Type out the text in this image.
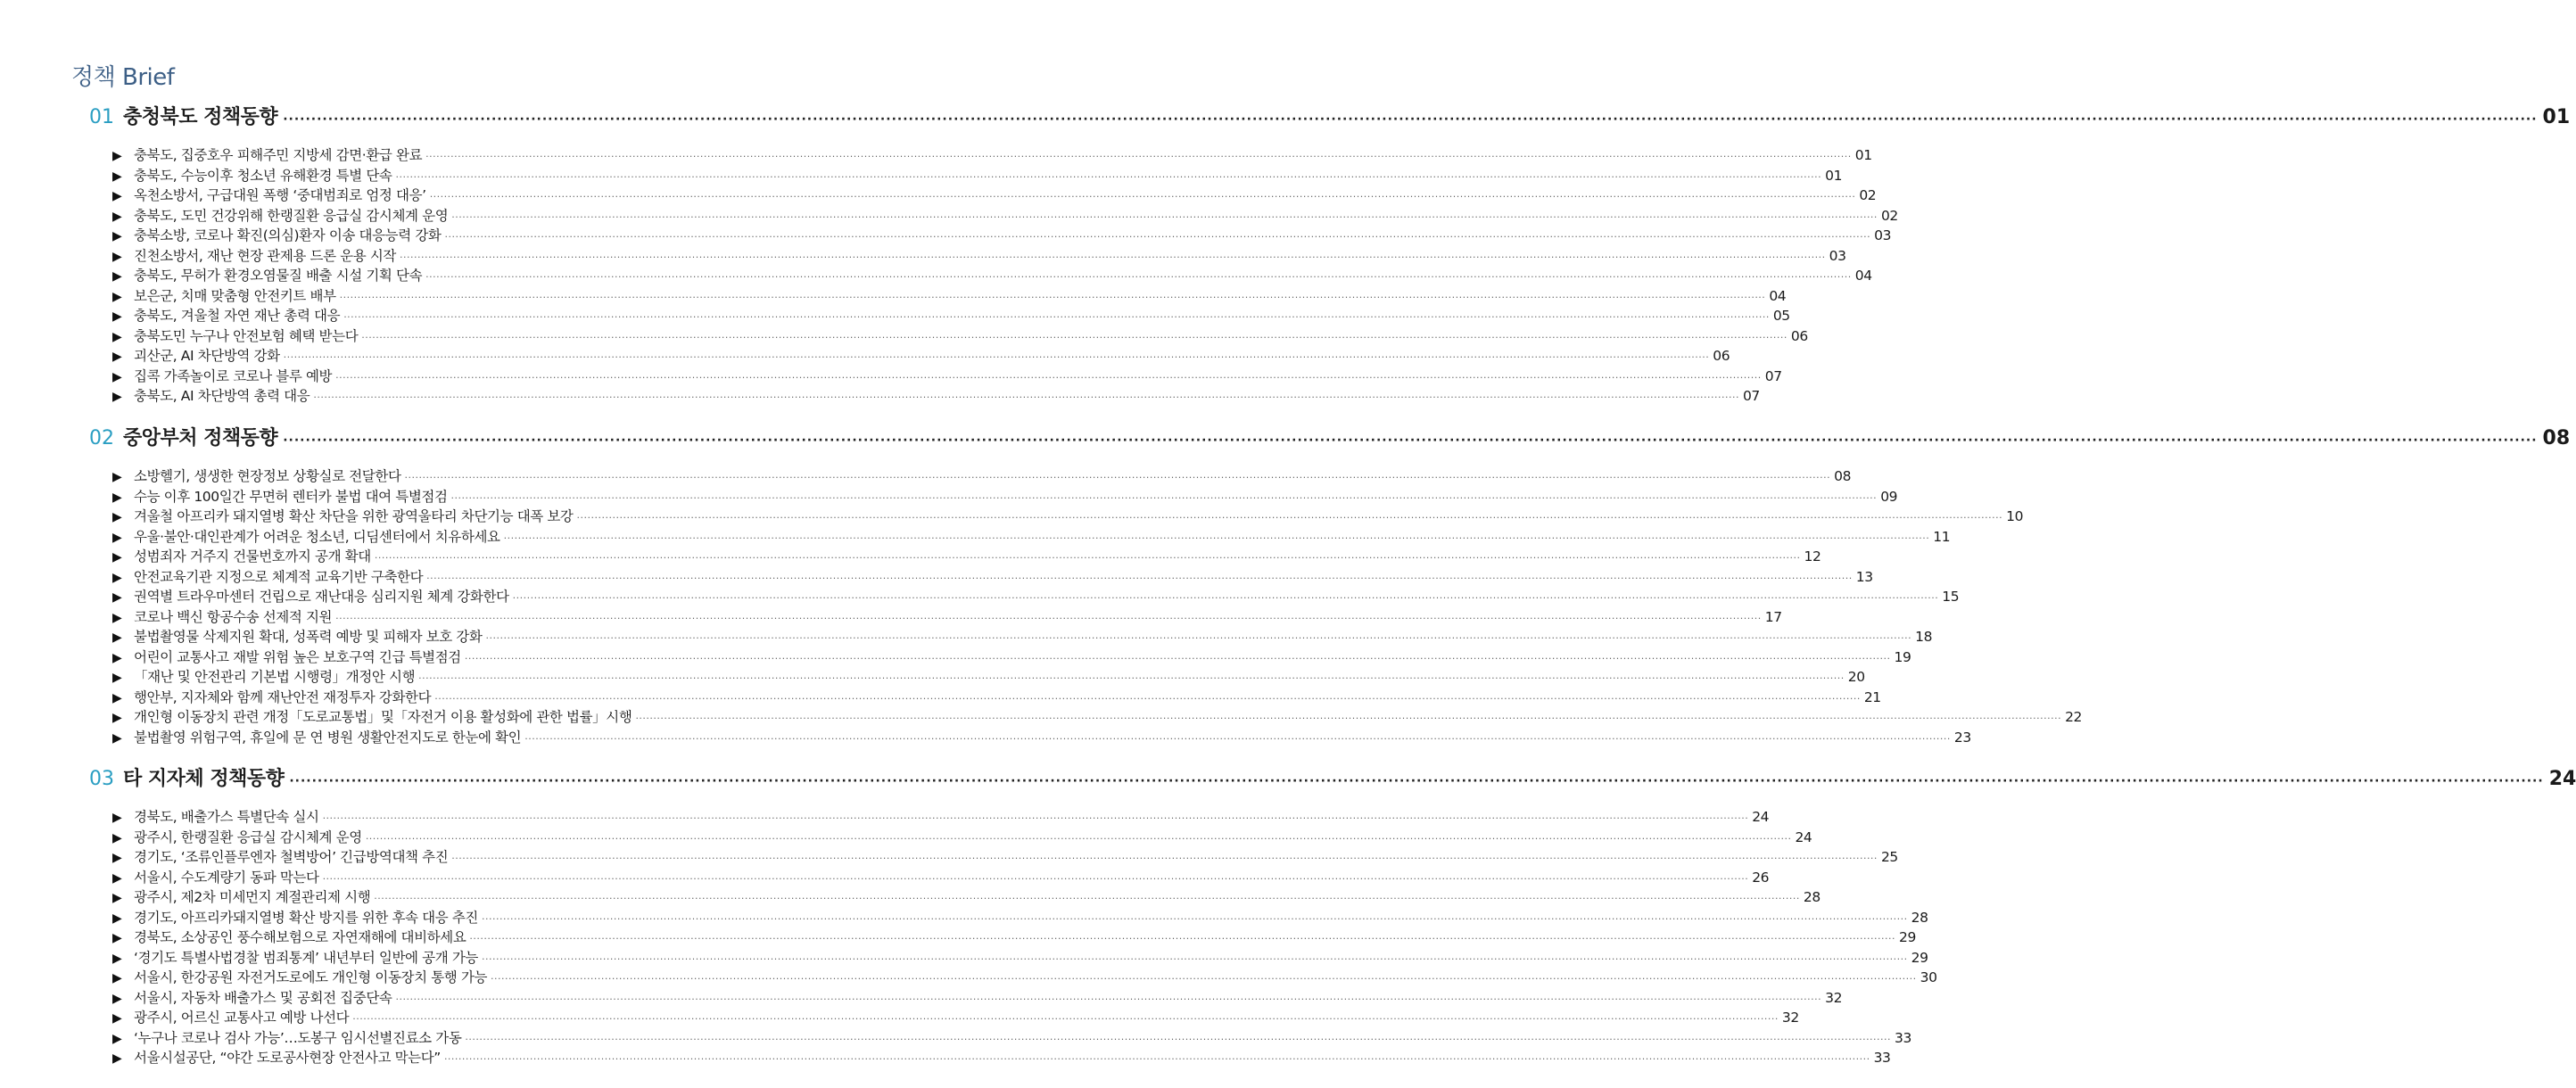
정책 Brief
01 충청북도 정책동향 ················································································································································································································································································································································································································ 01
▶ 충북도, 집중호우 피해주민 지방세 감면·환급 완료 ················································································································································································································································································································································································································ 01
▶ 충북도, 수능이후 청소년 유해환경 특별 단속 ················································································································································································································································································································································································································ 01
▶ 옥천소방서, 구급대원 폭행 ‘중대범죄로 엄정 대응’ ················································································································································································································································································································································································································ 02
▶ 충북도, 도민 건강위해 한랭질환 응급실 감시체계 운영 ················································································································································································································································································································································································································ 02
▶ 충북소방, 코로나 확진(의심)환자 이송 대응능력 강화 ················································································································································································································································································································································································································ 03
▶ 진천소방서, 재난 현장 관제용 드론 운용 시작 ················································································································································································································································································································································································································ 03
▶ 충북도, 무허가 환경오염물질 배출 시설 기획 단속 ················································································································································································································································································································································································································ 04
▶ 보은군, 치매 맞춤형 안전키트 배부 ················································································································································································································································································································································································································ 04
▶ 충북도, 겨울철 자연 재난 총력 대응 ················································································································································································································································································································································································································ 05
▶ 충북도민 누구나 안전보험 혜택 받는다 ················································································································································································································································································································································································································ 06
▶ 괴산군, AI 차단방역 강화 ················································································································································································································································································································································································································ 06
▶ 집콕 가족놀이로 코로나 블루 예방 ················································································································································································································································································································································································································ 07
▶ 충북도, AI 차단방역 총력 대응 ················································································································································································································································································································································································································ 07
02 중앙부처 정책동향 ················································································································································································································································································································································································································ 08
▶ 소방헬기, 생생한 현장정보 상황실로 전달한다 ················································································································································································································································································································································································································ 08
▶ 수능 이후 100일간 무면허 렌터카 불법 대여 특별점검 ················································································································································································································································································································································································································ 09
▶ 겨울철 아프리카 돼지열병 확산 차단을 위한 광역울타리 차단기능 대폭 보강 ················································································································································································································································································································································································································ 10
▶ 우울·불안·대인관계가 어려운 청소년, 디딤센터에서 치유하세요 ················································································································································································································································································································································································································ 11
▶ 성범죄자 거주지 건물번호까지 공개 확대 ················································································································································································································································································································································································································ 12
▶ 안전교육기관 지정으로 체계적 교육기반 구축한다 ················································································································································································································································································································································································································ 13
▶ 권역별 트라우마센터 건립으로 재난대응 심리지원 체계 강화한다 ················································································································································································································································································································································································································ 15
▶ 코로나 백신 항공수송 선제적 지원 ················································································································································································································································································································································································································ 17
▶ 불법촬영물 삭제지원 확대, 성폭력 예방 및 피해자 보호 강화 ················································································································································································································································································································································································································ 18
▶ 어린이 교통사고 재발 위험 높은 보호구역 긴급 특별점검 ················································································································································································································································································································································································································ 19
▶ 「재난 및 안전관리 기본법 시행령」개정안 시행 ················································································································································································································································································································································································································ 20
▶ 행안부, 지자체와 함께 재난안전 재정투자 강화한다 ················································································································································································································································································································································································································ 21
▶ 개인형 이동장치 관련 개정「도로교통법」및「자전거 이용 활성화에 관한 법률」시행 ················································································································································································································································································································································································································ 22
▶ 불법촬영 위험구역, 휴일에 문 연 병원 생활안전지도로 한눈에 확인 ················································································································································································································································································································································································································ 23
03 타 지자체 정책동향 ················································································································································································································································································································································································································ 24
▶ 경북도, 배출가스 특별단속 실시 ················································································································································································································································································································································································································ 24
▶ 광주시, 한랭질환 응급실 감시체계 운영 ················································································································································································································································································································································································································ 24
▶ 경기도, ‘조류인플루엔자 철벽방어’ 긴급방역대책 추진 ················································································································································································································································································································································································································ 25
▶ 서울시, 수도계량기 동파 막는다 ················································································································································································································································································································································································································ 26
▶ 광주시, 제2차 미세먼지 계절관리제 시행 ················································································································································································································································································································································································································ 28
▶ 경기도, 아프리카돼지열병 확산 방지를 위한 후속 대응 추진 ················································································································································································································································································································································································································ 28
▶ 경북도, 소상공인 풍수해보험으로 자연재해에 대비하세요 ················································································································································································································································································································································································································ 29
▶ ‘경기도 특별사법경찰 범죄통계’ 내년부터 일반에 공개 가능 ················································································································································································································································································································································································································ 29
▶ 서울시, 한강공원 자전거도로에도 개인형 이동장치 통행 가능 ················································································································································································································································································································································································································ 30
▶ 서울시, 자동차 배출가스 및 공회전 집중단속 ················································································································································································································································································································································································································ 32
▶ 광주시, 어르신 교통사고 예방 나선다 ················································································································································································································································································································································································································ 32
▶ ‘누구나 코로나 검사 가능’…도봉구 임시선별진료소 가동 ················································································································································································································································································································································································································ 33
▶ 서울시설공단, “야간 도로공사현장 안전사고 막는다” ················································································································································································································································································································································································································ 33
